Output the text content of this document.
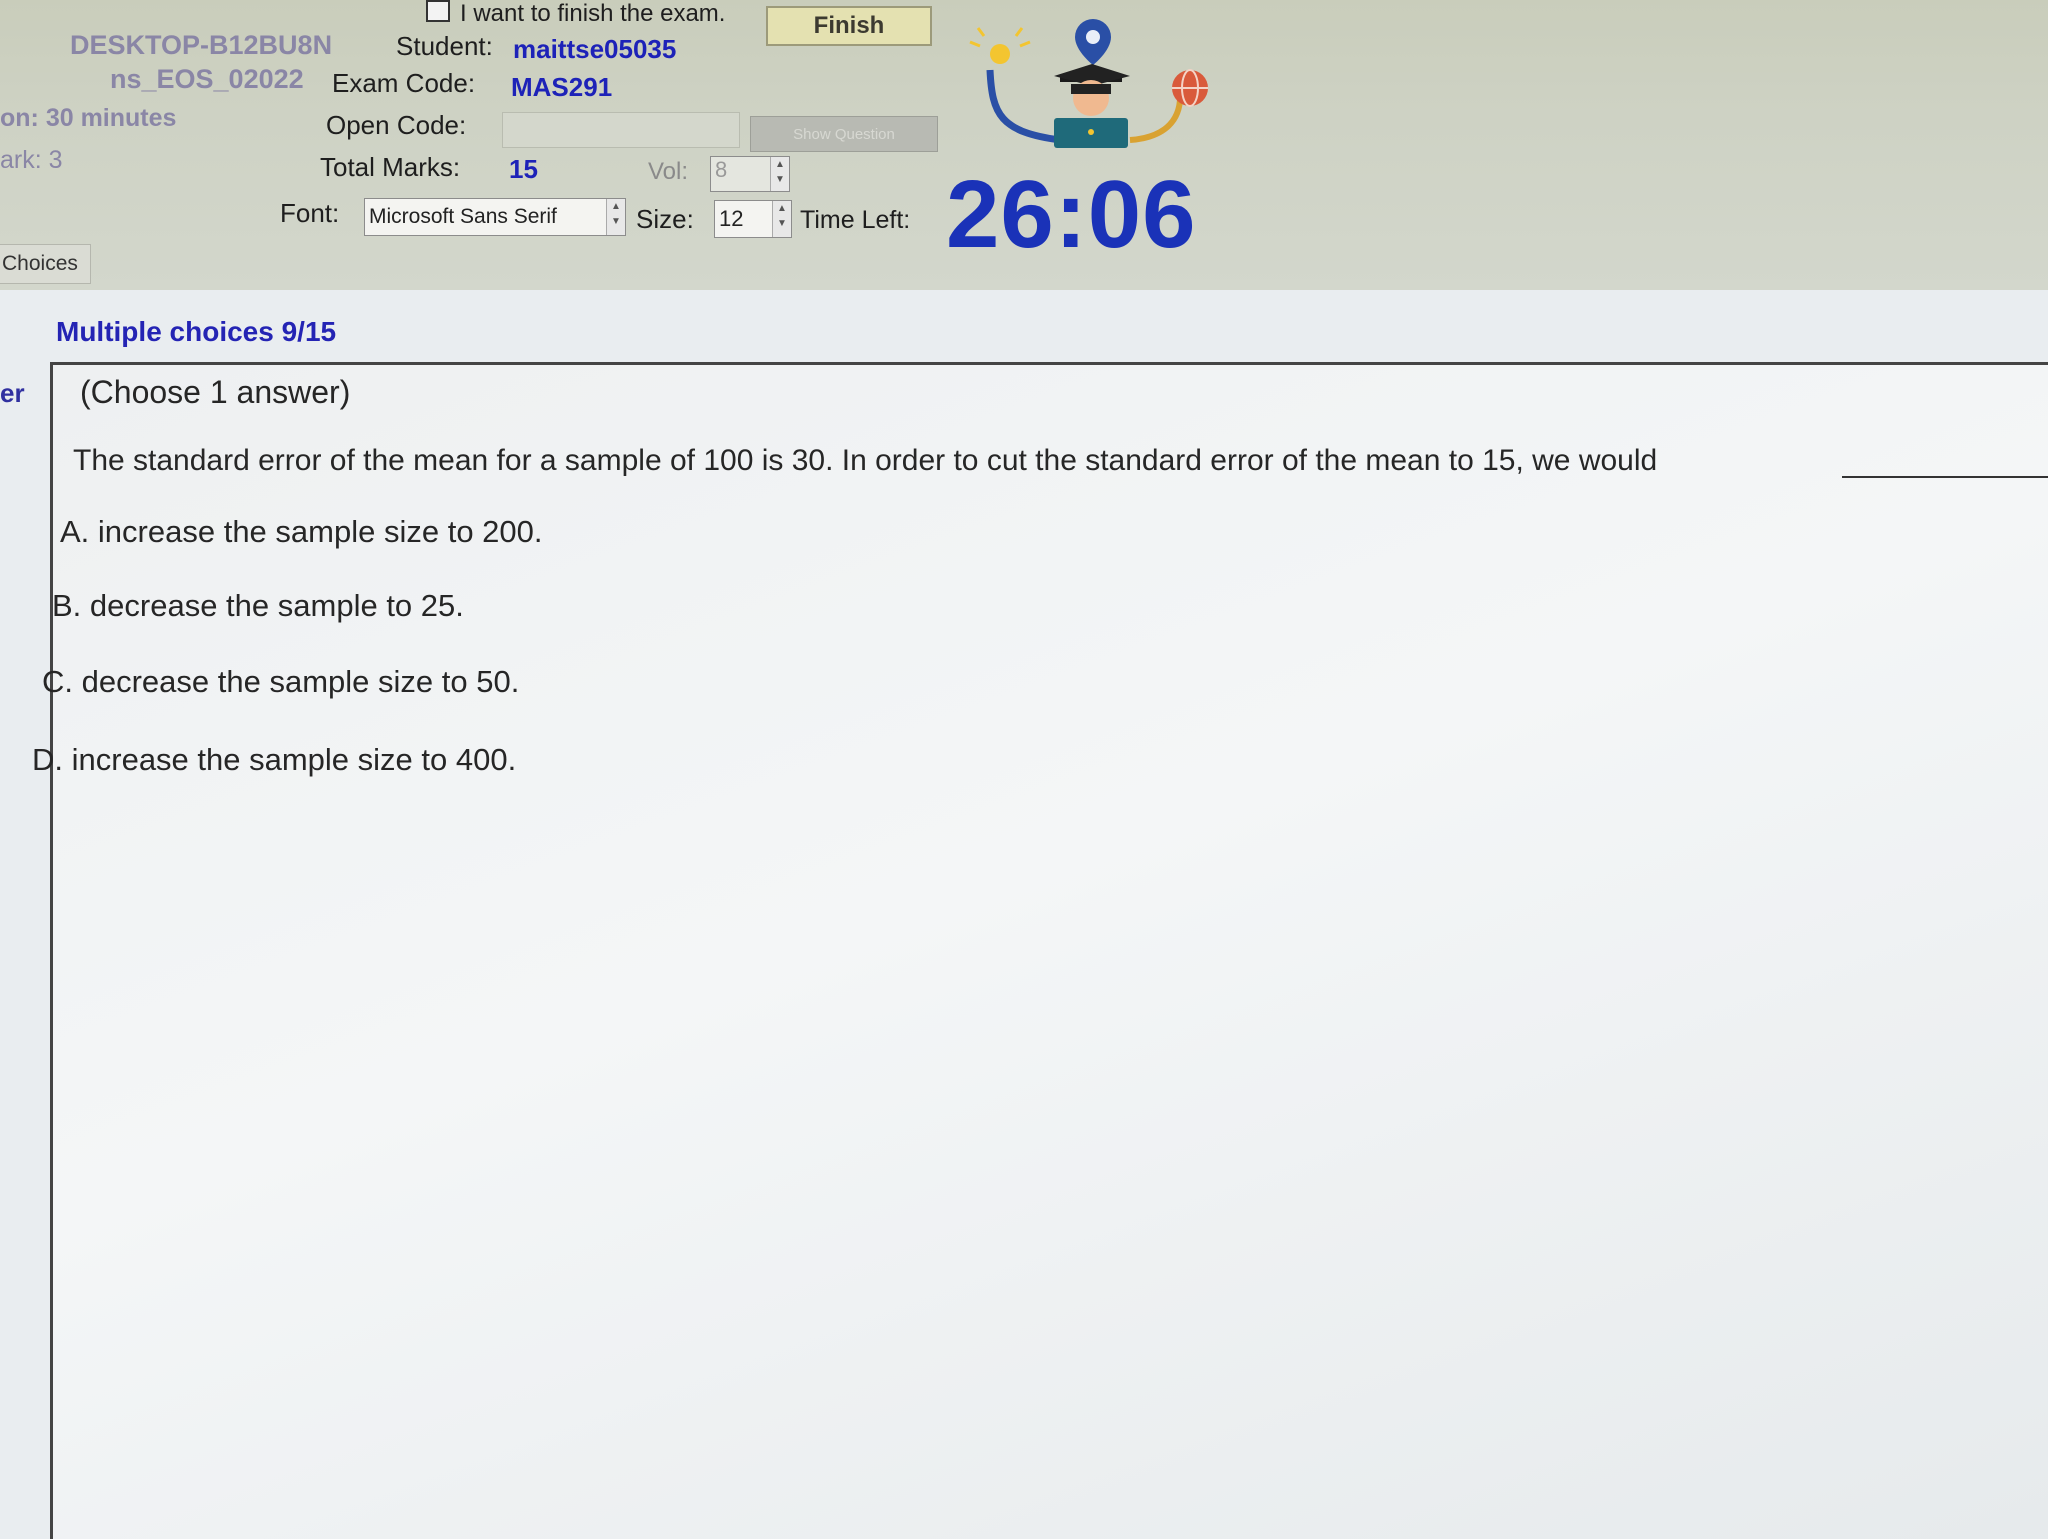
I want to finish the exam.	Finish
DESKTOP-B12BU8N Student: maittse05035
ns_EOS_02022 Exam Code: MAS291
on: 30 minutes	Open Code:	Show Question
ark: 3	Total Marks: 15	Vol: 8	▲
▼
Font: Microsoft Sans Serif	▲
▼ Size: 12	▲
▼ Time Left: 26:06
Choices
Multiple choices 9/15
er (Choose 1 answer)
The standard error of the mean for a sample of 100 is 30. In order to cut the standard error of the mean to 15, we would
A. increase the sample size to 200.
B. decrease the sample to 25.
C. decrease the sample size to 50.
D. increase the sample size to 400.
